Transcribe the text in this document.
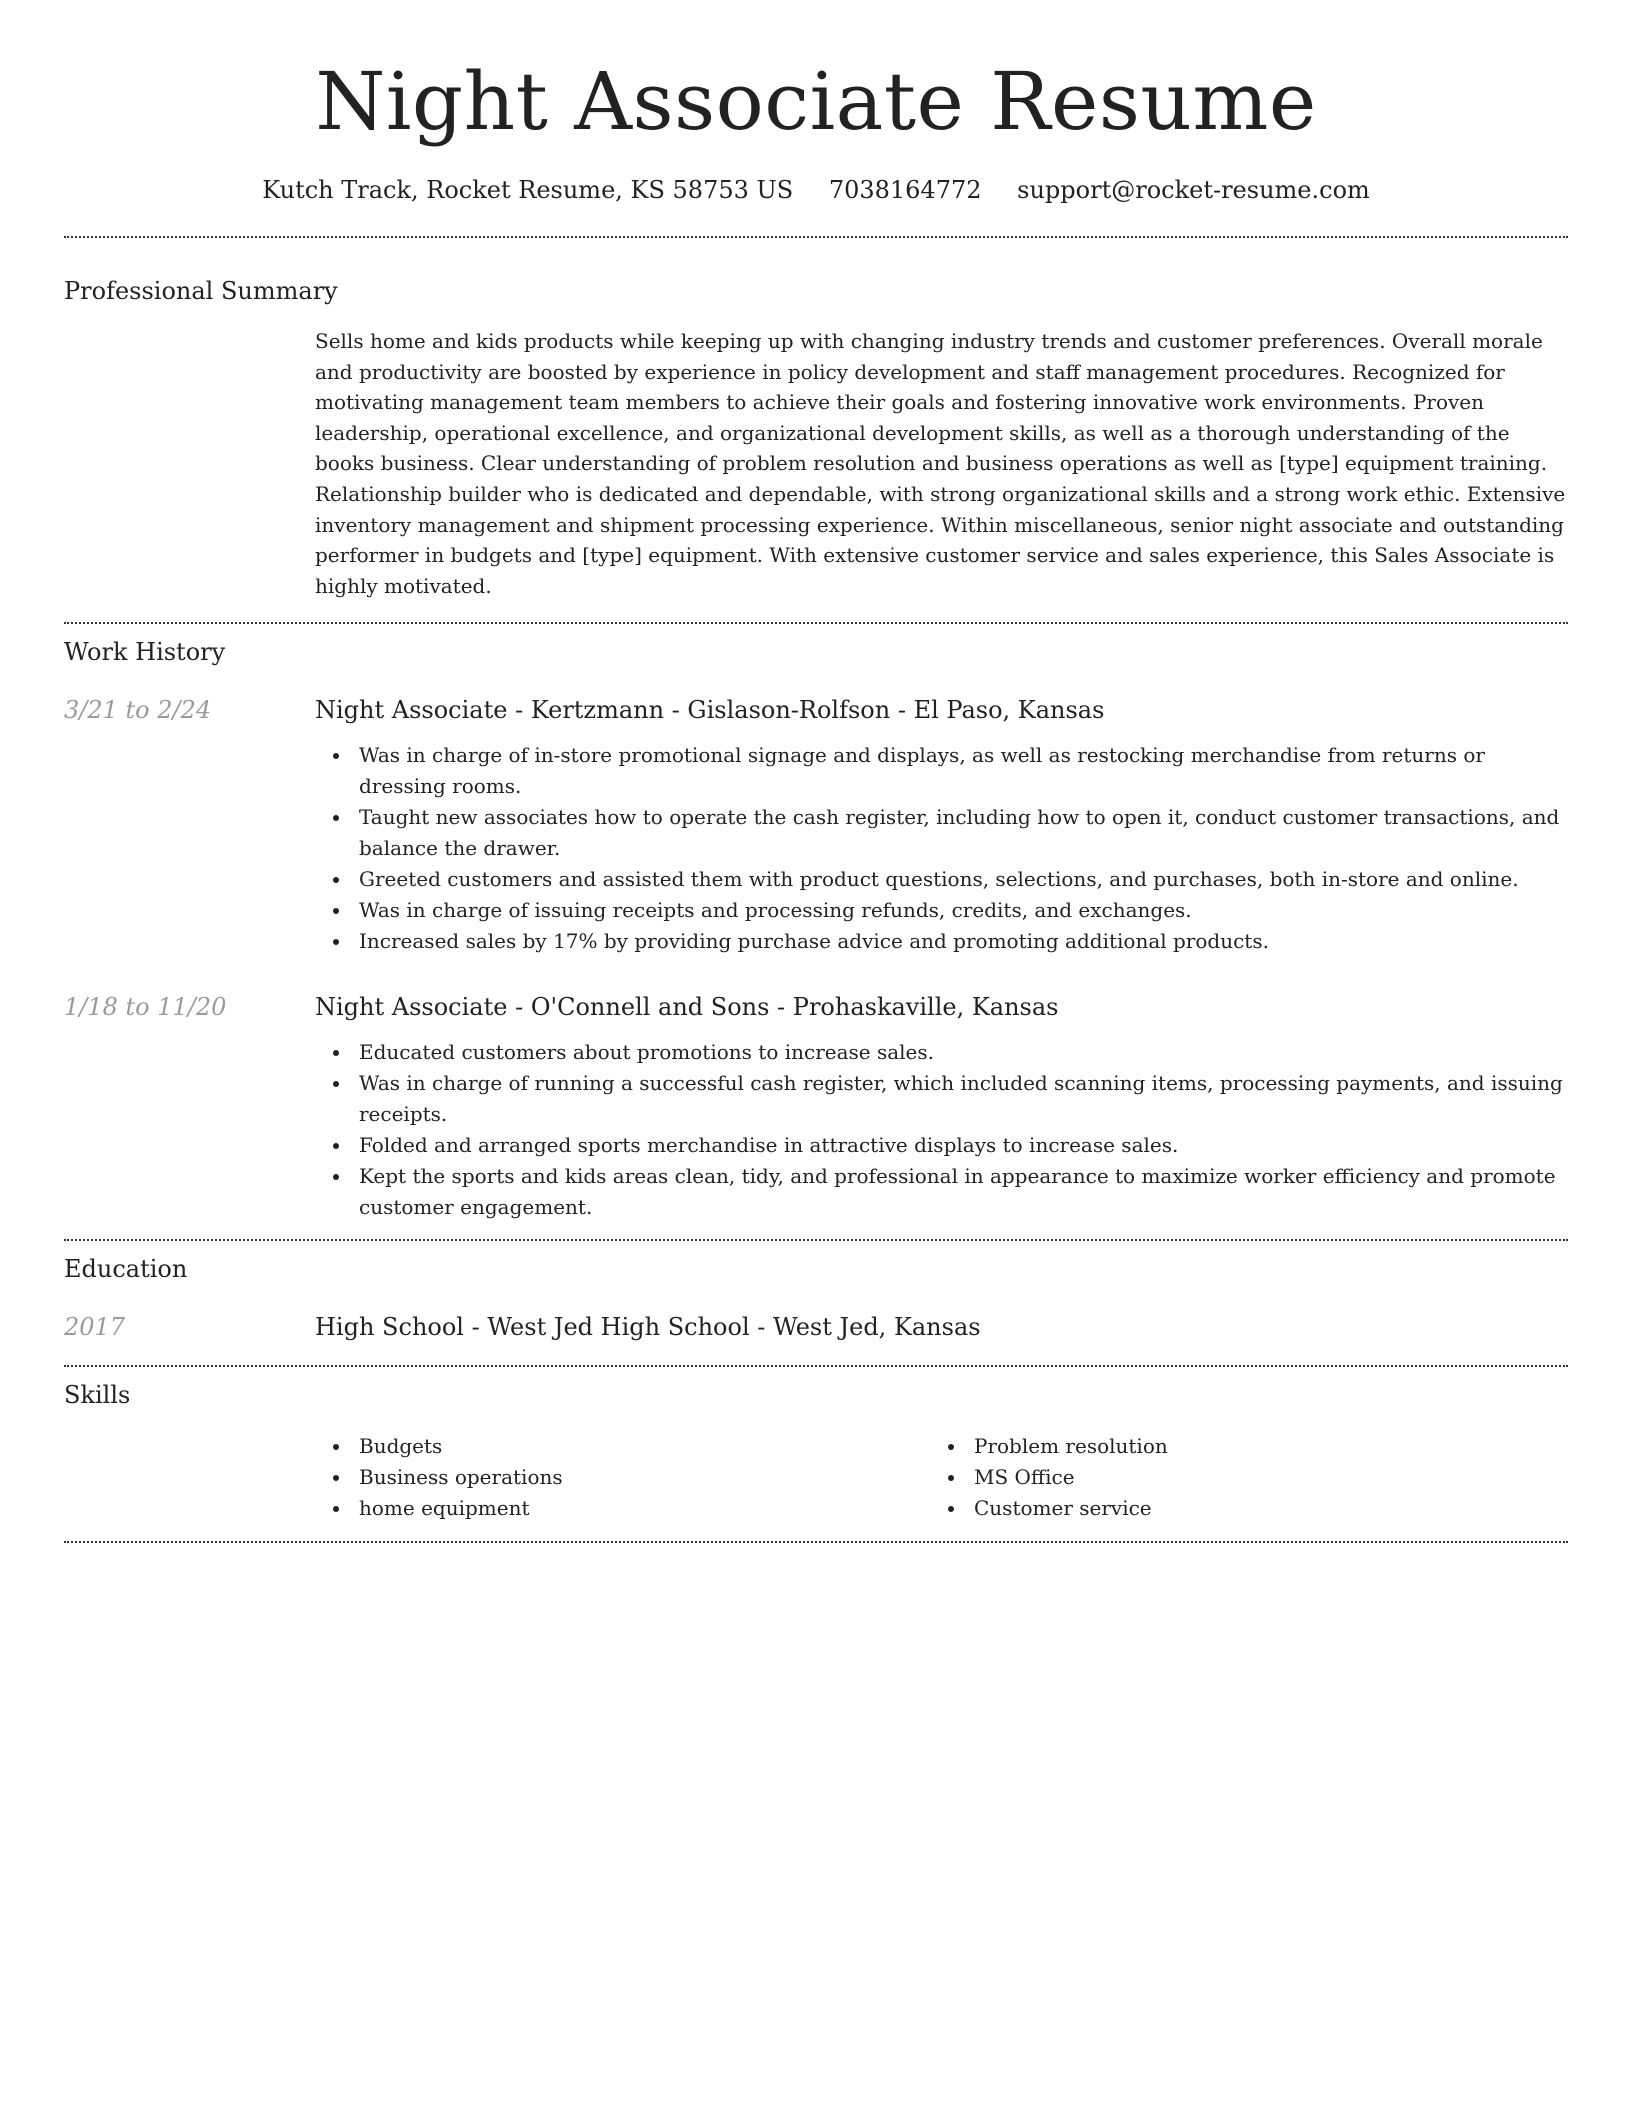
Night Associate Resume
Kutch Track, Rocket Resume, KS 58753 US 7038164772 support@rocket-resume.com
Professional Summary
Sells home and kids products while keeping up with changing industry trends and customer preferences. Overall morale and productivity are boosted by experience in policy development and staff management procedures. Recognized for motivating management team members to achieve their goals and fostering innovative work environments. Proven leadership, operational excellence, and organizational development skills, as well as a thorough understanding of the books business. Clear understanding of problem resolution and business operations as well as [type] equipment training. Relationship builder who is dedicated and dependable, with strong organizational skills and a strong work ethic. Extensive inventory management and shipment processing experience. Within miscellaneous, senior night associate and outstanding performer in budgets and [type] equipment. With extensive customer service and sales experience, this Sales Associate is highly motivated.
Work History
3/21 to 2/24	Night Associate - Kertzmann - Gislason-Rolfson - El Paso, Kansas
Was in charge of in-store promotional signage and displays, as well as restocking merchandise from returns or dressing rooms.
Taught new associates how to operate the cash register, including how to open it, conduct customer transactions, and balance the drawer.
Greeted customers and assisted them with product questions, selections, and purchases, both in-store and online.
Was in charge of issuing receipts and processing refunds, credits, and exchanges.
Increased sales by 17% by providing purchase advice and promoting additional products.
1/18 to 11/20	Night Associate - O'Connell and Sons - Prohaskaville, Kansas
Educated customers about promotions to increase sales.
Was in charge of running a successful cash register, which included scanning items, processing payments, and issuing receipts.
Folded and arranged sports merchandise in attractive displays to increase sales.
Kept the sports and kids areas clean, tidy, and professional in appearance to maximize worker efficiency and promote customer engagement.
Education
2017	High School - West Jed High School - West Jed, Kansas
Skills
Budgets
Business operations
home equipment
Problem resolution
MS Office
Customer service
